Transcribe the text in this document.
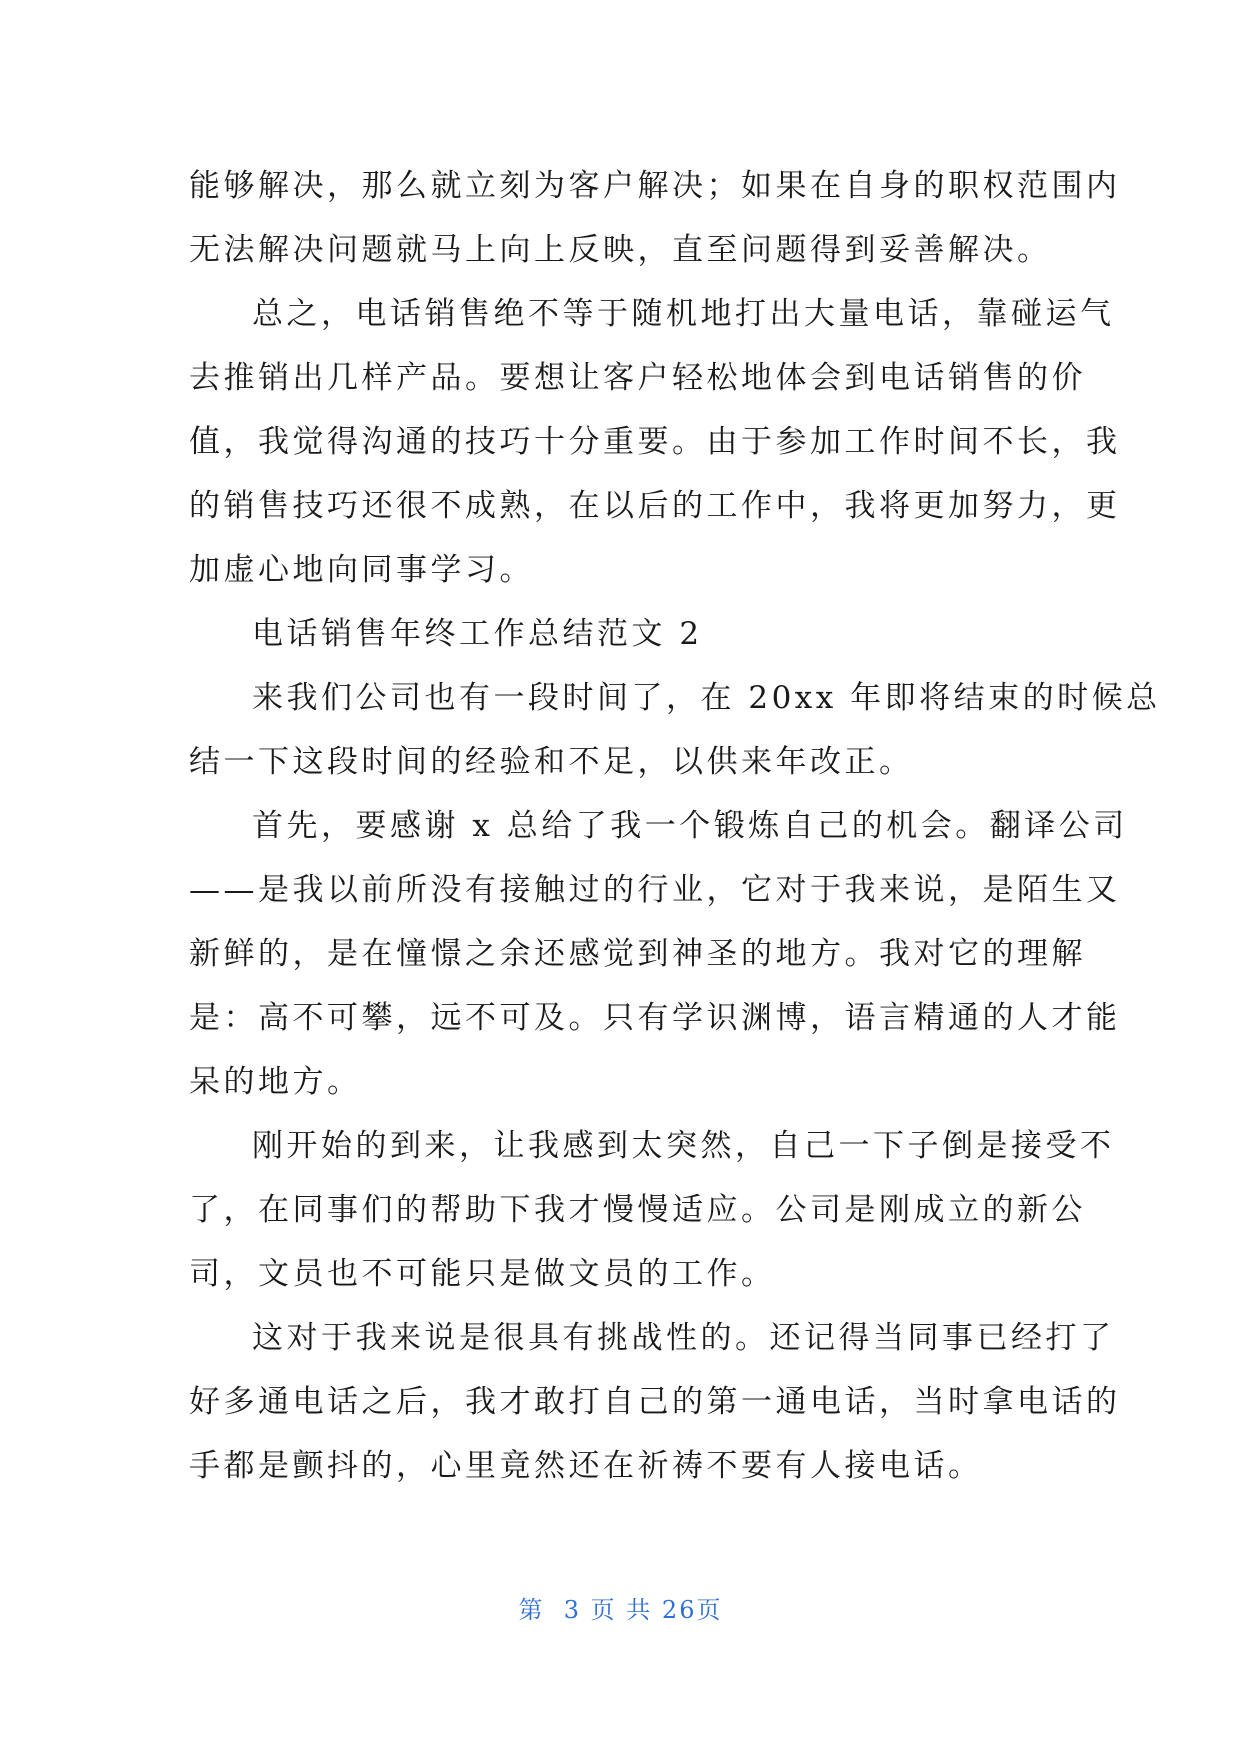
能够解决，那么就立刻为客户解决；如果在自身的职权范围内
无法解决问题就马上向上反映，直至问题得到妥善解决。
总之，电话销售绝不等于随机地打出大量电话，靠碰运气
去推销出几样产品。要想让客户轻松地体会到电话销售的价
值，我觉得沟通的技巧十分重要。由于参加工作时间不长，我
的销售技巧还很不成熟，在以后的工作中，我将更加努力，更
加虚心地向同事学习。
电话销售年终工作总结范文 2
来我们公司也有一段时间了，在 20xx 年即将结束的时候总
结一下这段时间的经验和不足，以供来年改正。
首先，要感谢 x 总给了我一个锻炼自己的机会。翻译公司
——是我以前所没有接触过的行业，它对于我来说，是陌生又
新鲜的，是在憧憬之余还感觉到神圣的地方。我对它的理解
是：高不可攀，远不可及。只有学识渊博，语言精通的人才能
呆的地方。
刚开始的到来，让我感到太突然，自己一下子倒是接受不
了，在同事们的帮助下我才慢慢适应。公司是刚成立的新公
司，文员也不可能只是做文员的工作。
这对于我来说是很具有挑战性的。还记得当同事已经打了
好多通电话之后，我才敢打自己的第一通电话，当时拿电话的
手都是颤抖的，心里竟然还在祈祷不要有人接电话。
第  3 页 共 26页
